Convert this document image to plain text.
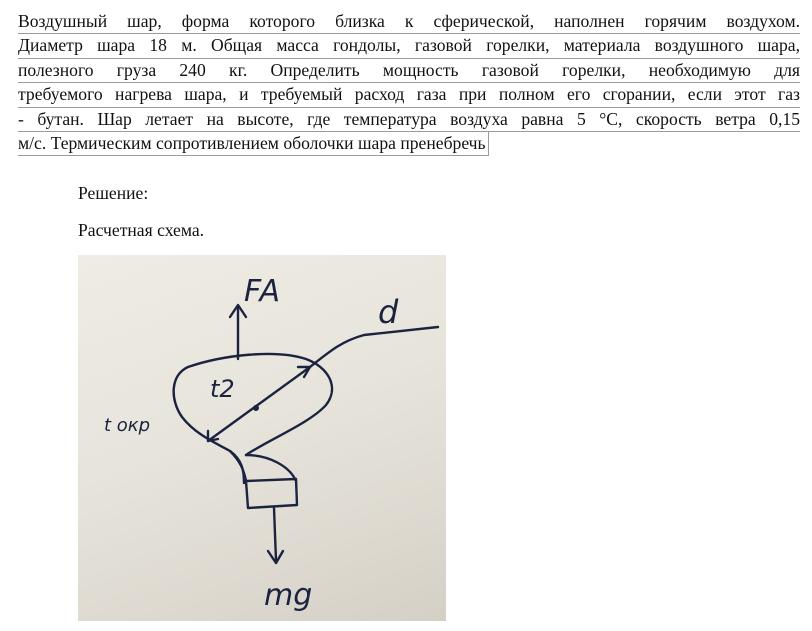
Воздушный шар, форма которого близка к сферической, наполнен горячим воздухом.
Диаметр шара 18 м. Общая масса гондолы, газовой горелки, материала воздушного шара,
полезного груза 240 кг. Определить мощность газовой горелки, необходимую для
требуемого нагрева шара, и требуемый расход газа при полном его сгорании, если этот газ
- бутан. Шар летает на высоте, где температура воздуха равна 5 °С, скорость ветра 0,15
м/с. Термическим сопротивлением оболочки шара пренебречь
Решение:
Расчетная схема.
FA
mg
t2
t окр
d
